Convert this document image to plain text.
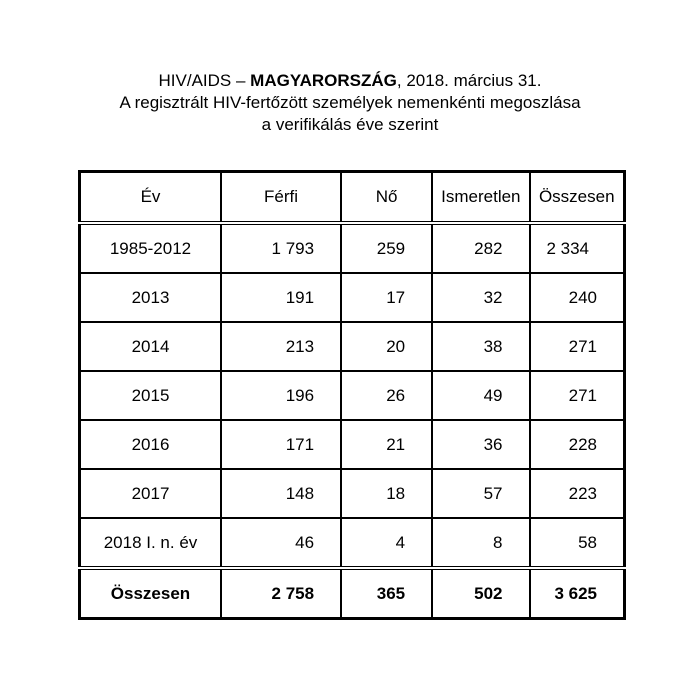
HIV/AIDS – MAGYARORSZÁG, 2018. március 31.
A regisztrált HIV-fertőzött személyek nemenkénti megoszlása
a verifikálás éve szerint
Év	Férfi	Nő	Ismeretlen	Összesen
1985-2012	1 793	259	282	2 334
2013	191	17	32	240
2014	213	20	38	271
2015	196	26	49	271
2016	171	21	36	228
2017	148	18	57	223
2018 I. n. év	46	4	8	58
Összesen	2 758	365	502	3 625
